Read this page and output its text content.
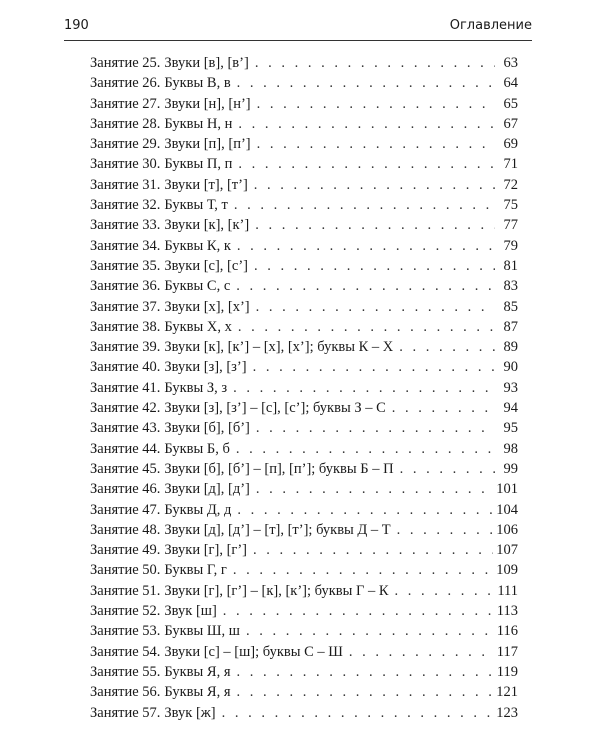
190	Оглавление
Занятие 25. Звуки [в], [в’] . . .	63
Занятие 26. Буквы В, в . . .	64
Занятие 27. Звуки [н], [н’] . . .	65
Занятие 28. Буквы Н, н . . .	67
Занятие 29. Звуки [п], [п’] . . .	69
Занятие 30. Буквы П, п . . .	71
Занятие 31. Звуки [т], [т’] . . .	72
Занятие 32. Буквы Т, т . . .	75
Занятие 33. Звуки [к], [к’] . . .	77
Занятие 34. Буквы К, к . . .	79
Занятие 35. Звуки [с], [с’] . . .	81
Занятие 36. Буквы С, с . . .	83
Занятие 37. Звуки [х], [х’] . . .	85
Занятие 38. Буквы Х, х . . .	87
Занятие 39. Звуки [к], [к’] – [х], [х’]; буквы К – Х . . .	89
Занятие 40. Звуки [з], [з’] . . .	90
Занятие 41. Буквы З, з . . .	93
Занятие 42. Звуки [з], [з’] – [с], [с’]; буквы З – С . . .	94
Занятие 43. Звуки [б], [б’] . . .	95
Занятие 44. Буквы Б, б . . .	98
Занятие 45. Звуки [б], [б’] – [п], [п’]; буквы Б – П . . .	99
Занятие 46. Звуки [д], [д’] . . .	101
Занятие 47. Буквы Д, д . . .	104
Занятие 48. Звуки [д], [д’] – [т], [т’]; буквы Д – Т . . .	106
Занятие 49. Звуки [г], [г’] . . .	107
Занятие 50. Буквы Г, г . . .	109
Занятие 51. Звуки [г], [г’] – [к], [к’]; буквы Г – К . . .	111
Занятие 52. Звук [ш] . . .	113
Занятие 53. Буквы Ш, ш . . .	116
Занятие 54. Звуки [с] – [ш]; буквы С – Ш . . .	117
Занятие 55. Буквы Я, я . . .	119
Занятие 56. Буквы Я, я . . .	121
Занятие 57. Звук [ж] . . .	123
